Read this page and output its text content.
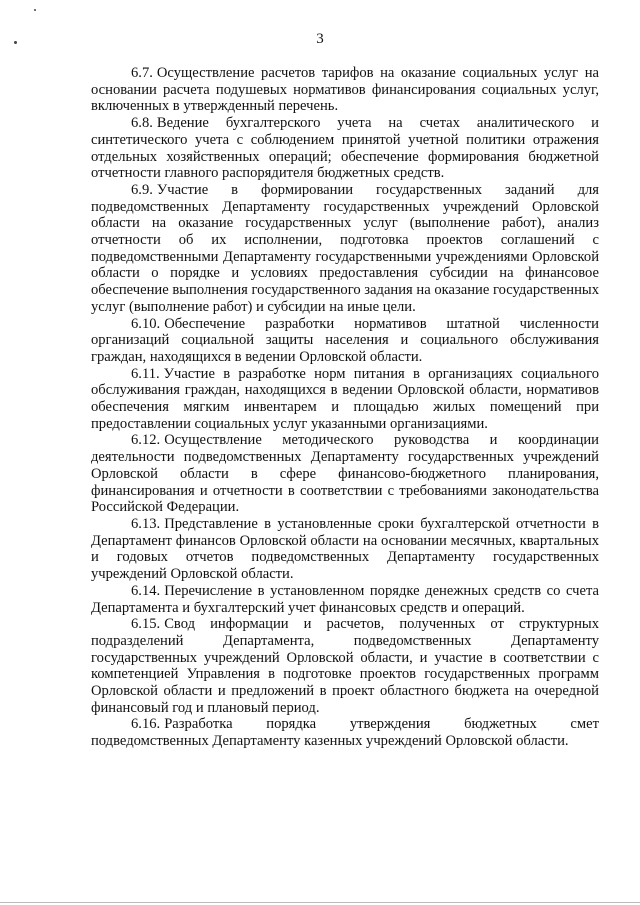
3

6.7. Осуществление расчетов тарифов на оказание социальных услуг на основании расчета подушевых нормативов финансирования социальных услуг, включенных в утвержденный перечень.

6.8. Ведение бухгалтерского учета на счетах аналитического и синтетического учета с соблюдением принятой учетной политики отражения отдельных хозяйственных операций; обеспечение формирования бюджетной отчетности главного распорядителя бюджетных средств.

6.9. Участие в формировании государственных заданий для подведомственных Департаменту государственных учреждений Орловской области на оказание государственных услуг (выполнение работ), анализ отчетности об их исполнении, подготовка проектов соглашений с подведомственными Департаменту государственными учреждениями Орловской области о порядке и условиях предоставления субсидии на финансовое обеспечение выполнения государственного задания на оказание государственных услуг (выполнение работ) и субсидии на иные цели.

6.10. Обеспечение разработки нормативов штатной численности организаций социальной защиты населения и социального обслуживания граждан, находящихся в ведении Орловской области.

6.11. Участие в разработке норм питания в организациях социального обслуживания граждан, находящихся в ведении Орловской области, нормативов обеспечения мягким инвентарем и площадью жилых помещений при предоставлении социальных услуг указанными организациями.

6.12. Осуществление методического руководства и координации деятельности подведомственных Департаменту государственных учреждений Орловской области в сфере финансово-бюджетного планирования, финансирования и отчетности в соответствии с требованиями законодательства Российской Федерации.

6.13. Представление в установленные сроки бухгалтерской отчетности в Департамент финансов Орловской области на основании месячных, квартальных и годовых отчетов подведомственных Департаменту государственных учреждений Орловской области.

6.14. Перечисление в установленном порядке денежных средств со счета Департамента и бухгалтерский учет финансовых средств и операций.

6.15. Свод информации и расчетов, полученных от структурных подразделений Департамента, подведомственных Департаменту государственных учреждений Орловской области, и участие в соответствии с компетенцией Управления в подготовке проектов государственных программ Орловской области и предложений в проект областного бюджета на очередной финансовый год и плановый период.

6.16. Разработка порядка утверждения бюджетных смет подведомственных Департаменту казенных учреждений Орловской области.
